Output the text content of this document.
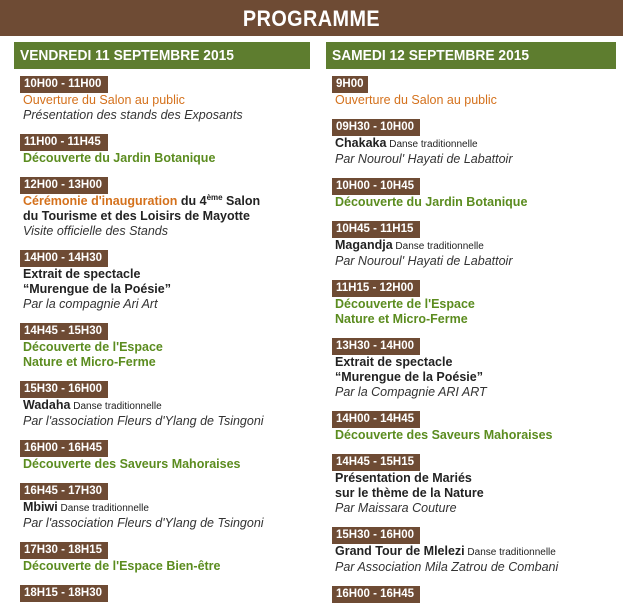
PROGRAMME
VENDREDI 11 SEPTEMBRE 2015
10H00 - 11H00
Ouverture du Salon au public
Présentation des stands des Exposants
11H00 - 11H45
Découverte du Jardin Botanique
12H00 - 13H00
Cérémonie d'inauguration du 4ème Salon
du Tourisme et des Loisirs de Mayotte
Visite officielle des Stands
14H00 - 14H30
Extrait de spectacle
“Murengue de la Poésie”
Par la compagnie Ari Art
14H45 - 15H30
Découverte de l'Espace
Nature et Micro-Ferme
15H30 - 16H00
Wadaha Danse traditionnelle
Par l'association Fleurs d'Ylang de Tsingoni
16H00 - 16H45
Découverte des Saveurs Mahoraises
16H45 - 17H30
Mbiwi Danse traditionnelle
Par l'association Fleurs d'Ylang de Tsingoni
17H30 - 18H15
Découverte de l'Espace Bien-être
18H15 - 18H30
SAMEDI 12 SEPTEMBRE 2015
9H00
Ouverture du Salon au public
09H30 - 10H00
Chakaka Danse traditionnelle
Par Nouroul' Hayati de Labattoir
10H00 - 10H45
Découverte du Jardin Botanique
10H45 - 11H15
Magandja Danse traditionnelle
Par Nouroul' Hayati de Labattoir
11H15 - 12H00
Découverte de l'Espace
Nature et Micro-Ferme
13H30 - 14H00
Extrait de spectacle
“Murengue de la Poésie”
Par la Compagnie ARI ART
14H00 - 14H45
Découverte des Saveurs Mahoraises
14H45 - 15H15
Présentation de Mariés
sur le thème de la Nature
Par Maissara Couture
15H30 - 16H00
Grand Tour de Mlelezi Danse traditionnelle
Par Association Mila Zatrou de Combani
16H00 - 16H45
